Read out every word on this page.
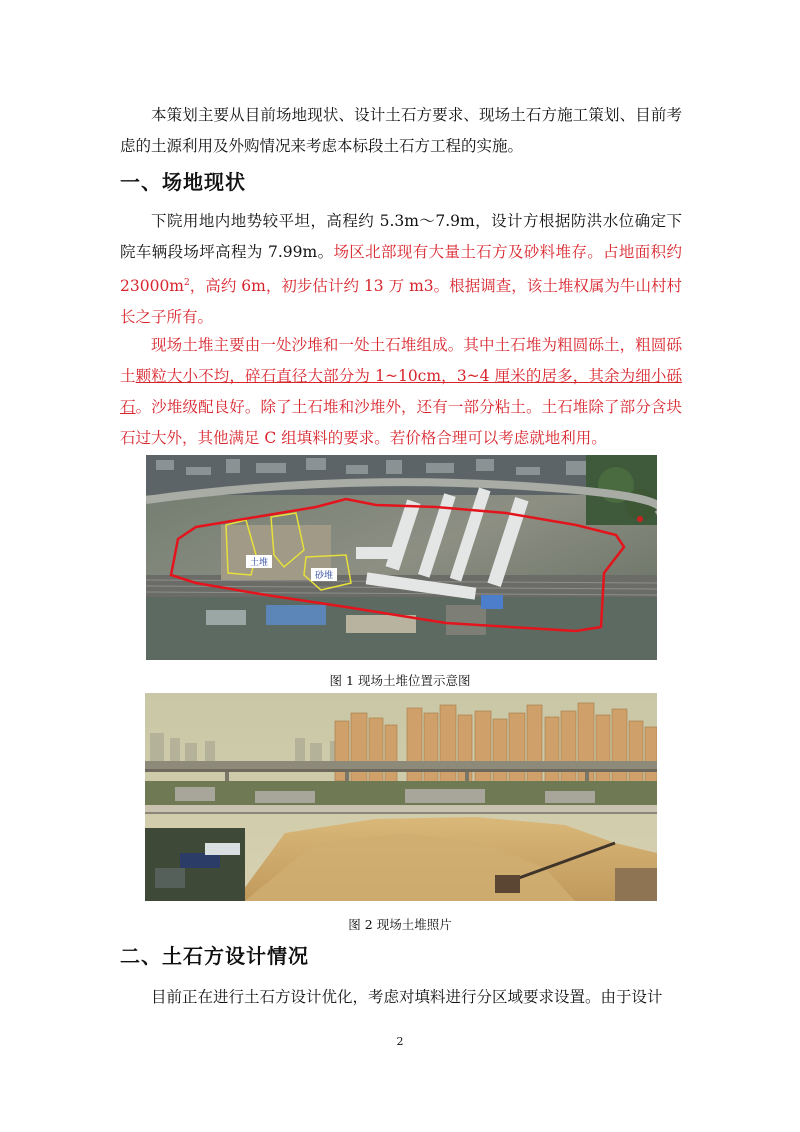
本策划主要从目前场地现状、设计土石方要求、现场土石方施工策划、目前考虑的土源利用及外购情况来考虑本标段土石方工程的实施。

一、场地现状

下院用地内地势较平坦，高程约 5.3m～7.9m，设计方根据防洪水位确定下院车辆段场坪高程为 7.99m。场区北部现有大量土石方及砂料堆存。占地面积约 $23000m^2$，高约 6m，初步估计约 13 万 m3。根据调查，该土堆权属为牛山村村长之子所有。

现场土堆主要由一处沙堆和一处土石堆组成。其中土石堆为粗圆砾土，粗圆砾土颗粒大小不均，碎石直径大部分为 1~10cm，3~4 厘米的居多，其余为细小砾石。沙堆级配良好。除了土石堆和沙堆外，还有一部分粘土。土石堆除了部分含块石过大外，其他满足 C 组填料的要求。若价格合理可以考虑就地利用。

土堆
砂堆
图 1 现场土堆位置示意图
图 2 现场土堆照片
二、土石方设计情况

目前正在进行土石方设计优化，考虑对填料进行分区域要求设置。由于设计

2
